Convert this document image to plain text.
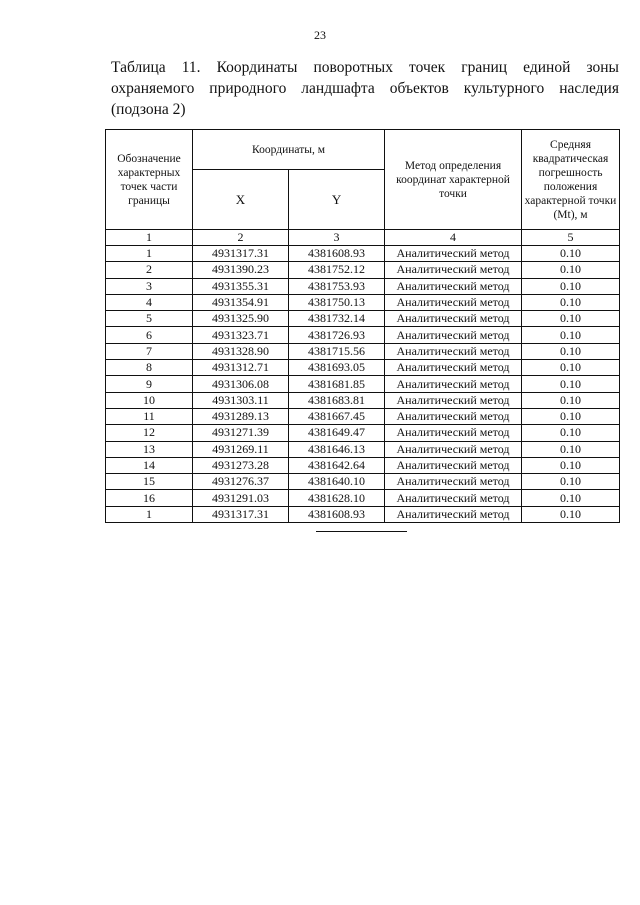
23
Таблица 11. Координаты поворотных точек границ единой зоны
охраняемого природного ландшафта объектов культурного наследия
(подзона 2)
Обозначение характерных точек части границы	Координаты, м		Метод определения координат характерной точки	Средняя квадратическая погрешность положения характерной точки (Mt), м
	X	Y		
1	2	3	4	5
1	4931317.31	4381608.93	Аналитический метод	0.10
2	4931390.23	4381752.12	Аналитический метод	0.10
3	4931355.31	4381753.93	Аналитический метод	0.10
4	4931354.91	4381750.13	Аналитический метод	0.10
5	4931325.90	4381732.14	Аналитический метод	0.10
6	4931323.71	4381726.93	Аналитический метод	0.10
7	4931328.90	4381715.56	Аналитический метод	0.10
8	4931312.71	4381693.05	Аналитический метод	0.10
9	4931306.08	4381681.85	Аналитический метод	0.10
10	4931303.11	4381683.81	Аналитический метод	0.10
11	4931289.13	4381667.45	Аналитический метод	0.10
12	4931271.39	4381649.47	Аналитический метод	0.10
13	4931269.11	4381646.13	Аналитический метод	0.10
14	4931273.28	4381642.64	Аналитический метод	0.10
15	4931276.37	4381640.10	Аналитический метод	0.10
16	4931291.03	4381628.10	Аналитический метод	0.10
1	4931317.31	4381608.93	Аналитический метод	0.10
